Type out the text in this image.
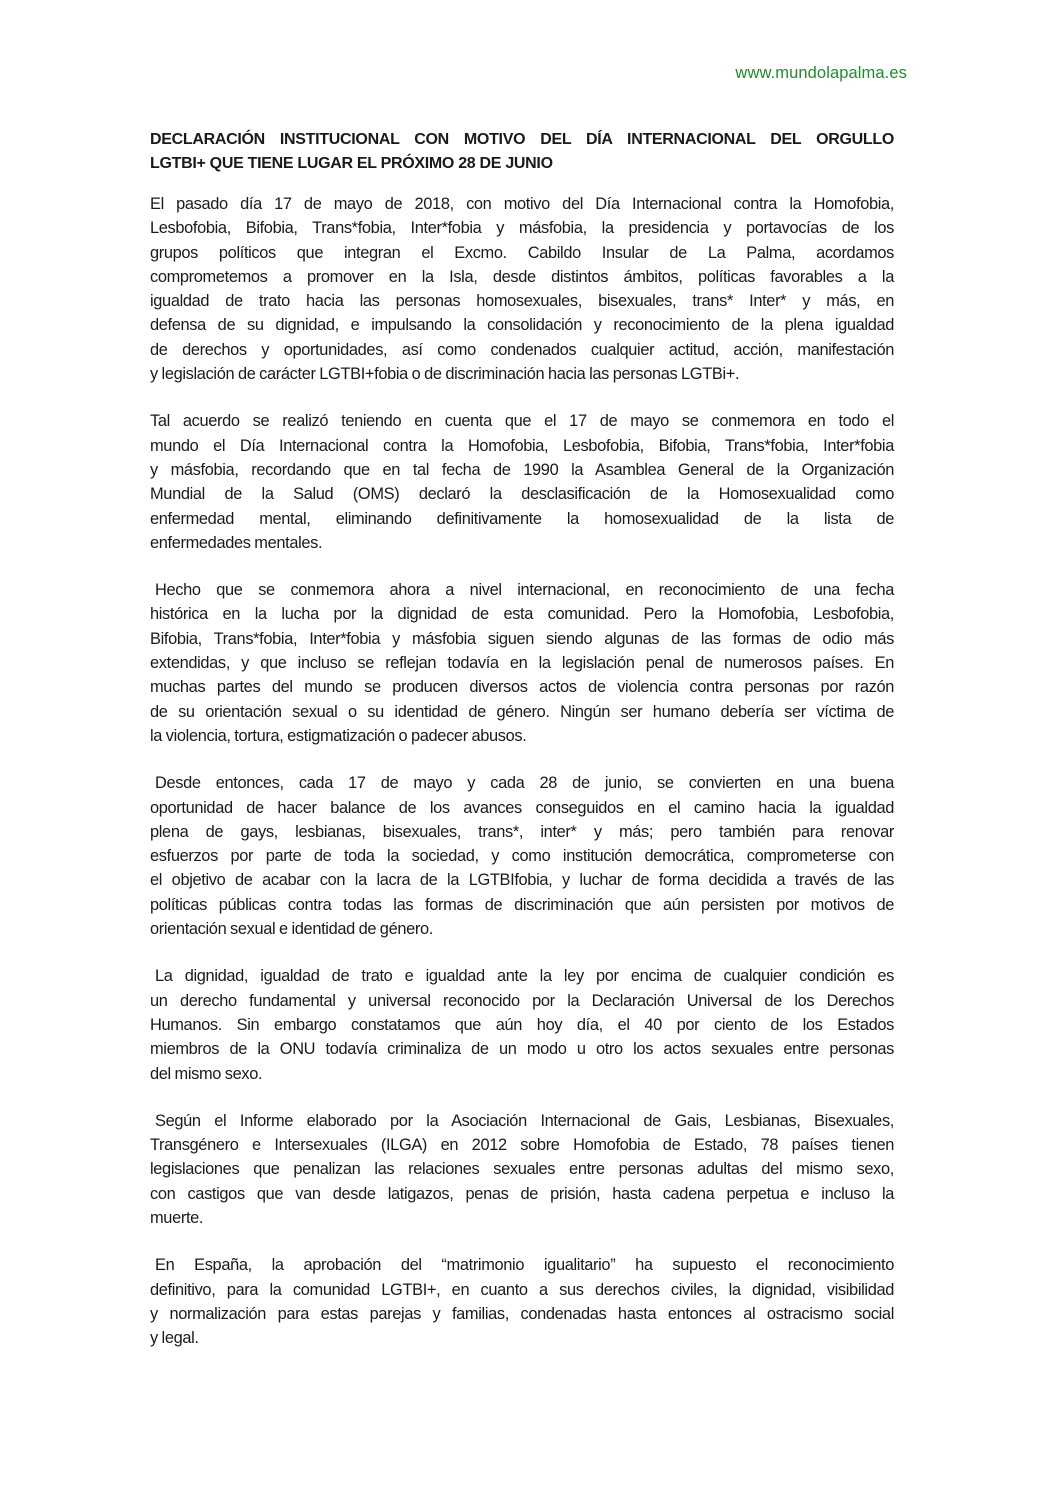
www.mundolapalma.es
DECLARACIÓN INSTITUCIONAL CON MOTIVO DEL DÍA INTERNACIONAL DEL ORGULLO
LGTBI+ QUE TIENE LUGAR EL PRÓXIMO 28 DE JUNIO
El pasado día 17 de mayo de 2018, con motivo del Día Internacional contra la Homofobia,
Lesbofobia, Bifobia, Trans*fobia, Inter*fobia y másfobia, la presidencia y portavocías de los
grupos políticos que integran el Excmo. Cabildo Insular de La Palma, acordamos
comprometemos a promover en la Isla, desde distintos ámbitos, políticas favorables a la
igualdad de trato hacia las personas homosexuales, bisexuales, trans* Inter* y más, en
defensa de su dignidad, e impulsando la consolidación y reconocimiento de la plena igualdad
de derechos y oportunidades, así como condenados cualquier actitud, acción, manifestación
y legislación de carácter LGTBI+fobia o de discriminación hacia las personas LGTBi+.
Tal acuerdo se realizó teniendo en cuenta que el 17 de mayo se conmemora en todo el
mundo el Día Internacional contra la Homofobia, Lesbofobia, Bifobia, Trans*fobia, Inter*fobia
y másfobia, recordando que en tal fecha de 1990 la Asamblea General de la Organización
Mundial de la Salud (OMS) declaró la desclasificación de la Homosexualidad como
enfermedad mental, eliminando definitivamente la homosexualidad de la lista de
enfermedades mentales.
Hecho que se conmemora ahora a nivel internacional, en reconocimiento de una fecha
histórica en la lucha por la dignidad de esta comunidad. Pero la Homofobia, Lesbofobia,
Bifobia, Trans*fobia, Inter*fobia y másfobia siguen siendo algunas de las formas de odio más
extendidas, y que incluso se reflejan todavía en la legislación penal de numerosos países. En
muchas partes del mundo se producen diversos actos de violencia contra personas por razón
de su orientación sexual o su identidad de género. Ningún ser humano debería ser víctima de
la violencia, tortura, estigmatización o padecer abusos.
Desde entonces, cada 17 de mayo y cada 28 de junio, se convierten en una buena
oportunidad de hacer balance de los avances conseguidos en el camino hacia la igualdad
plena de gays, lesbianas, bisexuales, trans*, inter* y más; pero también para renovar
esfuerzos por parte de toda la sociedad, y como institución democrática, comprometerse con
el objetivo de acabar con la lacra de la LGTBIfobia, y luchar de forma decidida a través de las
políticas públicas contra todas las formas de discriminación que aún persisten por motivos de
orientación sexual e identidad de género.
La dignidad, igualdad de trato e igualdad ante la ley por encima de cualquier condición es
un derecho fundamental y universal reconocido por la Declaración Universal de los Derechos
Humanos. Sin embargo constatamos que aún hoy día, el 40 por ciento de los Estados
miembros de la ONU todavía criminaliza de un modo u otro los actos sexuales entre personas
del mismo sexo.
Según el Informe elaborado por la Asociación Internacional de Gais, Lesbianas, Bisexuales,
Transgénero e Intersexuales (ILGA) en 2012 sobre Homofobia de Estado, 78 países tienen
legislaciones que penalizan las relaciones sexuales entre personas adultas del mismo sexo,
con castigos que van desde latigazos, penas de prisión, hasta cadena perpetua e incluso la
muerte.
En España, la aprobación del “matrimonio igualitario” ha supuesto el reconocimiento
definitivo, para la comunidad LGTBI+, en cuanto a sus derechos civiles, la dignidad, visibilidad
y normalización para estas parejas y familias, condenadas hasta entonces al ostracismo social
y legal.
